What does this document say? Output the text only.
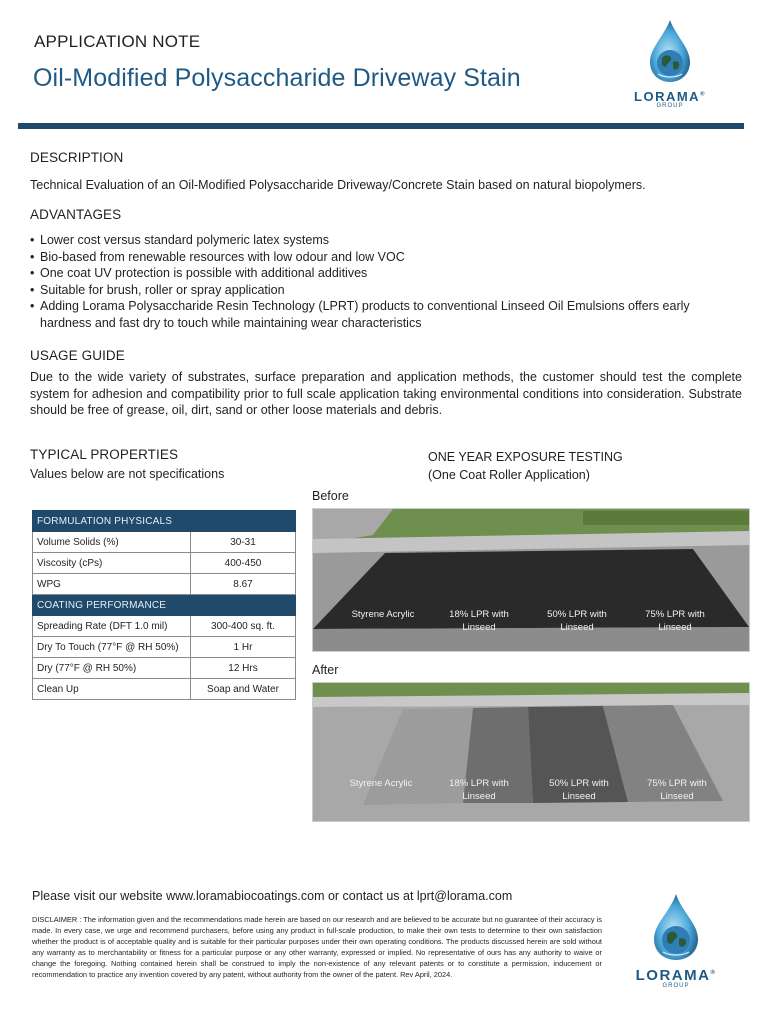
APPLICATION NOTE
Oil-Modified Polysaccharide Driveway Stain
LORAMA®
GROUP
DESCRIPTION
Technical Evaluation of an Oil-Modified Polysaccharide Driveway/Concrete Stain based on natural biopolymers.
ADVANTAGES
• Lower cost versus standard polymeric latex systems
• Bio-based from renewable resources with low odour and low VOC
• One coat UV protection is possible with additional additives
• Suitable for brush, roller or spray application
• Adding Lorama Polysaccharide Resin Technology (LPRT) products to conventional Linseed Oil Emulsions offers early hardness and fast dry to touch while maintaining wear characteristics
USAGE GUIDE
Due to the wide variety of substrates, surface preparation and application methods, the customer should test the complete system for adhesion and compatibility prior to full scale application taking environmental conditions into consideration. Substrate should be free of grease, oil, dirt, sand or other loose materials and debris.
TYPICAL PROPERTIES
Values below are not specifications
FORMULATION PHYSICALS	
Volume Solids (%)	30-31
Viscosity (cPs)	400-450
WPG	8.67
COATING PERFORMANCE	
Spreading Rate (DFT 1.0 mil)	300-400 sq. ft.
Dry To Touch (77°F @ RH 50%)	1 Hr
Dry (77°F @ RH 50%)	12 Hrs
Clean Up	Soap and Water
ONE YEAR EXPOSURE TESTING
(One Coat Roller Application)
Before
Styrene Acrylic	18% LPR with
Linseed
50% LPR with
Linseed
75% LPR with
Linseed
After
Styrene Acrylic	18% LPR with
Linseed
50% LPR with
Linseed
75% LPR with
Linseed
Please visit our website www.loramabiocoatings.com or contact us at lprt@lorama.com
DISCLAIMER : The information given and the recommendations made herein are based on our research and are believed to be accurate but no guarantee of their accuracy is made. In every case, we urge and recommend purchasers, before using any product in full-scale production, to make their own tests to determine to their own satisfaction whether the product is of acceptable quality and is suitable for their particular purposes under their own operating conditions. The products discussed herein are sold without any warranty as to merchantability or fitness for a particular purpose or any other warranty, expressed or implied. No representative of ours has any authority to waive or change the foregoing. Nothing contained herein shall be construed to imply the non-existence of any relevant patents or to constitute a permission, inducement or recommendation to practice any invention covered by any patent, without authority from the owner of the patent. Rev April, 2024.	LORAMA®
GROUP
